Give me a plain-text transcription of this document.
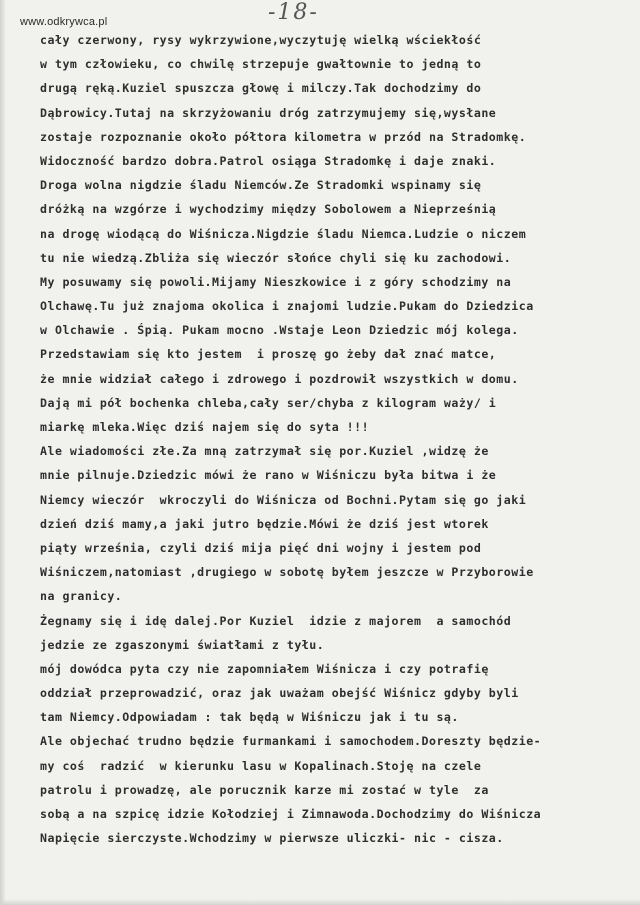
www.odkrywca.pl	-18-
cały czerwony, rysy wykrzywione,wyczytuję wielką wściekłość
w tym człowieku, co chwilę strzepuje gwałtownie to jedną to
drugą ręką.Kuziel spuszcza głowę i milczy.Tak dochodzimy do
Dąbrowicy.Tutaj na skrzyżowaniu dróg zatrzymujemy się,wysłane
zostaje rozpoznanie około półtora kilometra w przód na Stradomkę.
Widoczność bardzo dobra.Patrol osiąga Stradomkę i daje znaki.
Droga wolna nigdzie śladu Niemców.Ze Stradomki wspinamy się
dróżką na wzgórze i wychodzimy między Sobolowem a Nieprześnią
na drogę wiodącą do Wiśnicza.Nigdzie śladu Niemca.Ludzie o niczem
tu nie wiedzą.Zbliża się wieczór słońce chyli się ku zachodowi.
My posuwamy się powoli.Mijamy Nieszkowice i z góry schodzimy na
Olchawę.Tu już znajoma okolica i znajomi ludzie.Pukam do Dziedzica
w Olchawie . Śpią. Pukam mocno .Wstaje Leon Dziedzic mój kolega.
Przedstawiam się kto jestem  i proszę go żeby dał znać matce,
że mnie widział całego i zdrowego i pozdrowił wszystkich w domu.
Dają mi pół bochenka chleba,cały ser/chyba z kilogram waży/ i
miarkę mleka.Więc dziś najem się do syta !!!
Ale wiadomości złe.Za mną zatrzymał się por.Kuziel ,widzę że
mnie pilnuje.Dziedzic mówi że rano w Wiśniczu była bitwa i że
Niemcy wieczór  wkroczyli do Wiśnicza od Bochni.Pytam się go jaki
dzień dziś mamy,a jaki jutro będzie.Mówi że dziś jest wtorek
piąty września, czyli dziś mija pięć dni wojny i jestem pod
Wiśniczem,natomiast ,drugiego w sobotę byłem jeszcze w Przyborowie
na granicy.
Żegnamy się i idę dalej.Por Kuziel  idzie z majorem  a samochód
jedzie ze zgaszonymi światłami z tyłu.
mój dowódca pyta czy nie zapomniałem Wiśnicza i czy potrafię
oddział przeprowadzić, oraz jak uważam obejść Wiśnicz gdyby byli
tam Niemcy.Odpowiadam : tak będą w Wiśniczu jak i tu są.
Ale objechać trudno będzie furmankami i samochodem.Doreszty będzie-
my coś  radzić  w kierunku lasu w Kopalinach.Stoję na czele
patrolu i prowadzę, ale porucznik karze mi zostać w tyle  za
sobą a na szpicę idzie Kołodziej i Zimnawoda.Dochodzimy do Wiśnicza
Napięcie sierczyste.Wchodzimy w pierwsze uliczki- nic - cisza.
